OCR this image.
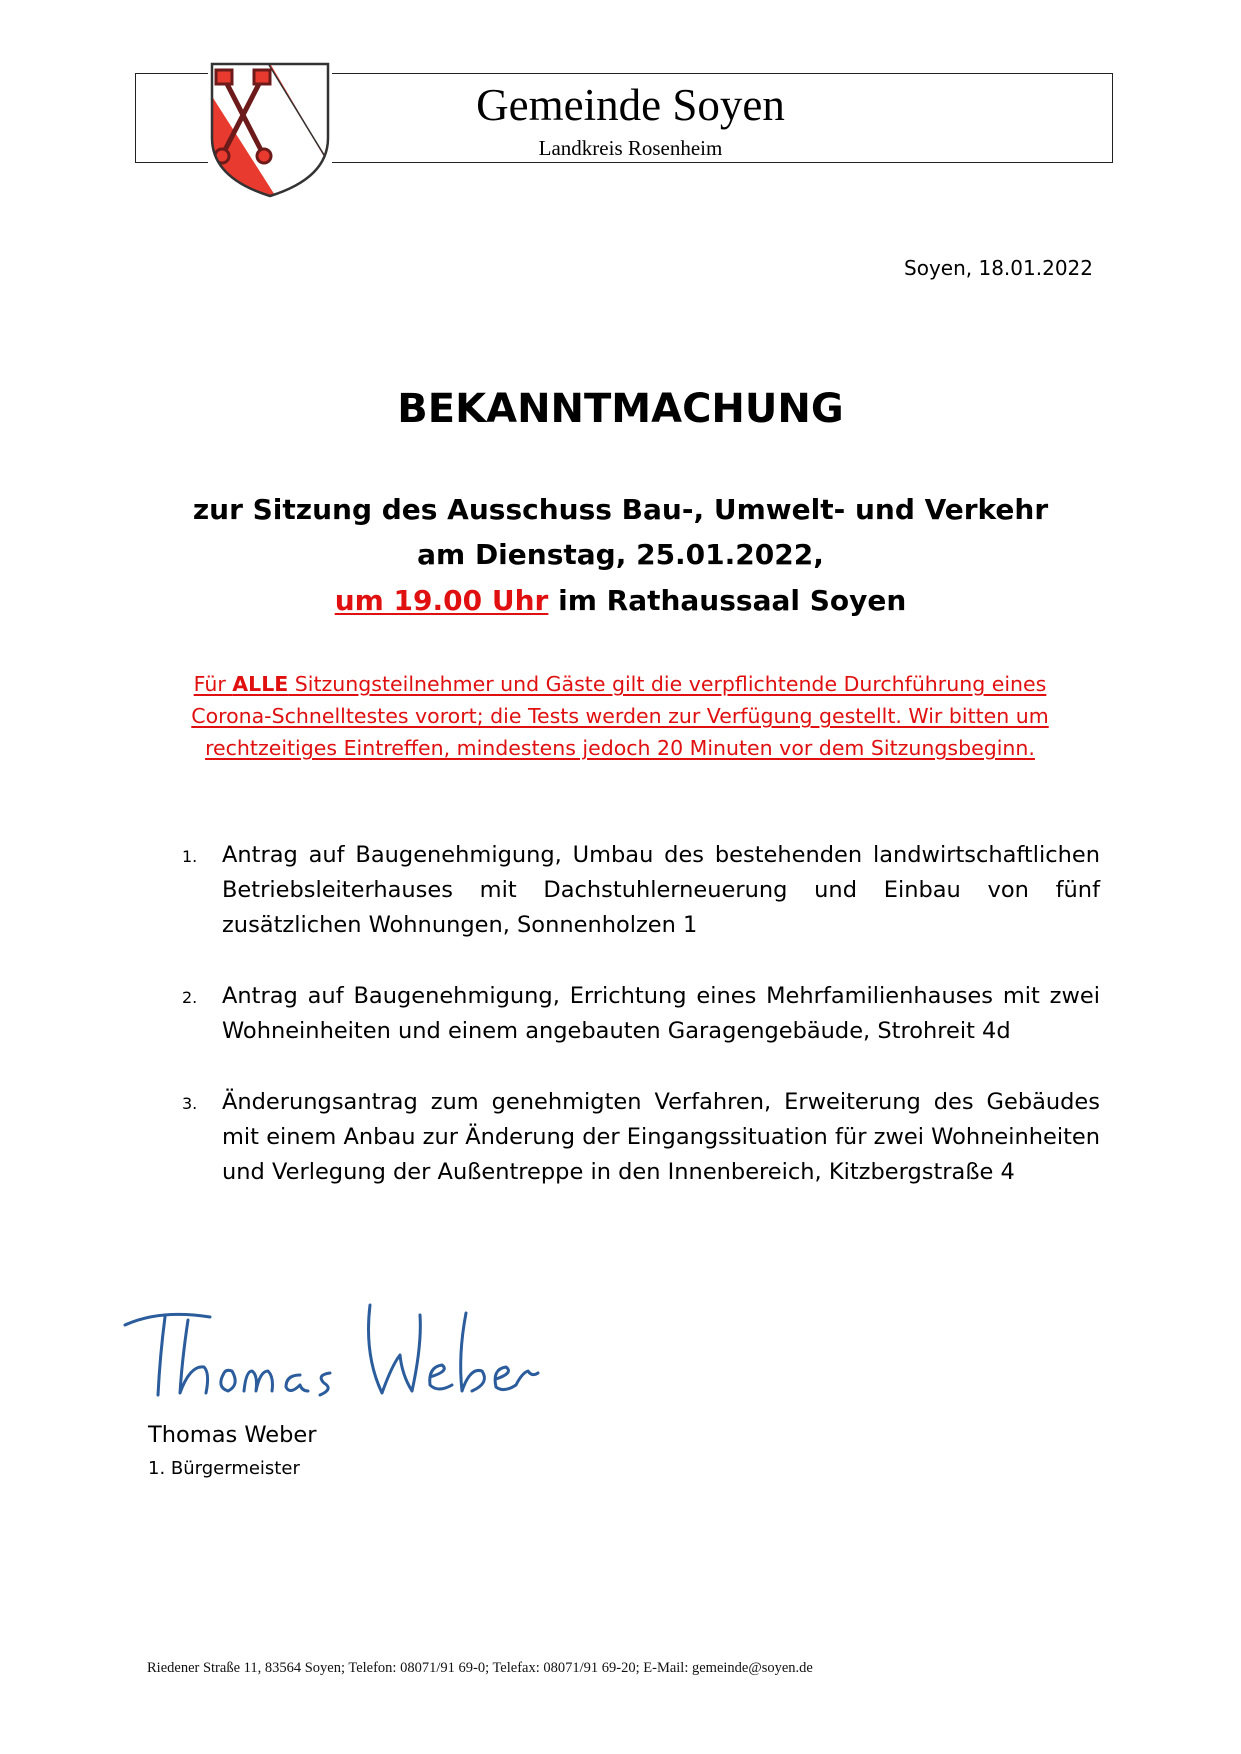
Gemeinde Soyen
Landkreis Rosenheim
Soyen, 18.01.2022
BEKANNTMACHUNG
zur Sitzung des Ausschuss Bau-, Umwelt- und Verkehr
am Dienstag, 25.01.2022,
um 19.00 Uhr im Rathaussaal Soyen
Für ALLE Sitzungsteilnehmer und Gäste gilt die verpflichtende Durchführung eines
Corona-Schnelltestes vorort; die Tests werden zur Verfügung gestellt. Wir bitten um
rechtzeitiges Eintreffen, mindestens jedoch 20 Minuten vor dem Sitzungsbeginn.
1. Antrag auf Baugenehmigung, Umbau des bestehenden landwirtschaftlichen Betriebsleiterhauses mit Dachstuhlerneuerung und Einbau von fünf zusätzlichen Wohnungen, Sonnenholzen 1
2. Antrag auf Baugenehmigung, Errichtung eines Mehrfamilienhauses mit zwei Wohneinheiten und einem angebauten Garagengebäude, Strohreit 4d
3. Änderungsantrag zum genehmigten Verfahren, Erweiterung des Gebäudes mit einem Anbau zur Änderung der Eingangssituation für zwei Wohneinheiten und Verlegung der Außentreppe in den Innenbereich, Kitzbergstraße 4
Thomas Weber
1. Bürgermeister
Riedener Straße 11, 83564 Soyen; Telefon: 08071/91 69-0; Telefax: 08071/91 69-20; E-Mail: gemeinde@soyen.de
